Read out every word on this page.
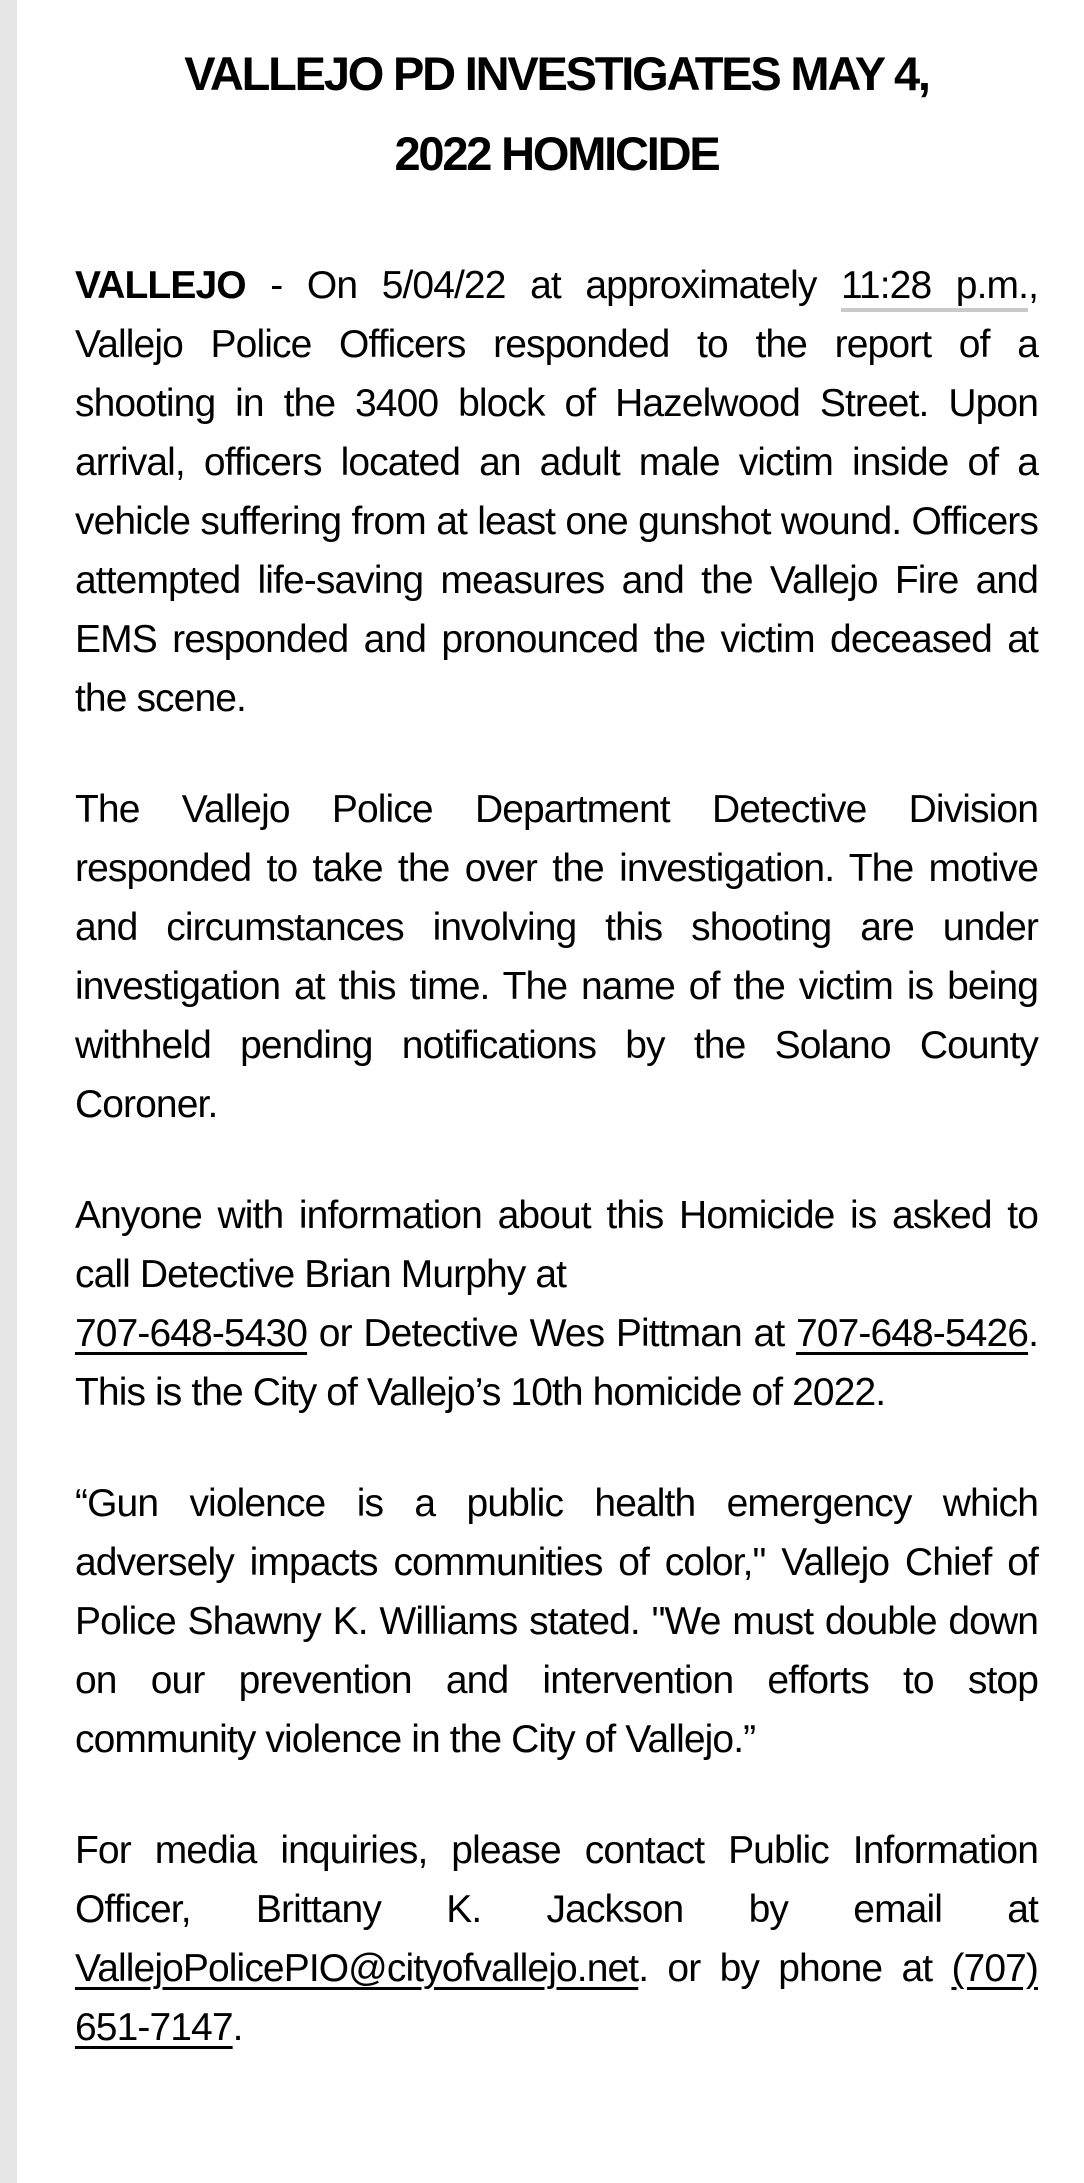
VALLEJO PD INVESTIGATES MAY 4,
2022 HOMICIDE

VALLEJO - On 5/04/22 at approximately 11:28 p.m., Vallejo Police Officers responded to the report of a shooting in the 3400 block of Hazelwood Street. Upon arrival, officers located an adult male victim inside of a vehicle suffering from at least one gunshot wound. Officers attempted life-saving measures and the Vallejo Fire and EMS responded and pronounced the victim deceased at the scene.

The Vallejo Police Department Detective Division responded to take the over the investigation. The motive and circumstances involving this shooting are under investigation at this time. The name of the victim is being withheld pending notifications by the Solano County Coroner.

Anyone with information about this Homicide is asked to call Detective Brian Murphy at
707-648-5430 or Detective Wes Pittman at 707-648-5426. This is the City of Vallejo’s 10th homicide of 2022.

“Gun violence is a public health emergency which adversely impacts communities of color," Vallejo Chief of Police Shawny K. Williams stated. "We must double down on our prevention and intervention efforts to stop community violence in the City of Vallejo.”

For media inquiries, please contact Public Information Officer, Brittany K. Jackson by email at VallejoPolicePIO@cityofvallejo.net. or by phone at (707) 651-7147.
